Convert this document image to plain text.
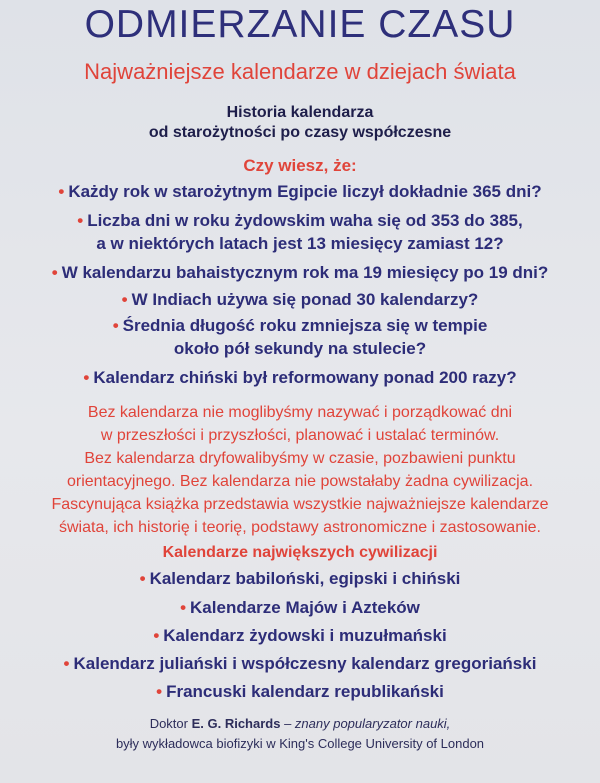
ODMIERZANIE CZASU
Najważniejsze kalendarze w dziejach świata
Historia kalendarza
od starożytności po czasy współczesne
Czy wiesz, że:
• Każdy rok w starożytnym Egipcie liczył dokładnie 365 dni?
• Liczba dni w roku żydowskim waha się od 353 do 385,
a w niektórych latach jest 13 miesięcy zamiast 12?
• W kalendarzu bahaistycznym rok ma 19 miesięcy po 19 dni?
• W Indiach używa się ponad 30 kalendarzy?
• Średnia długość roku zmniejsza się w tempie
około pół sekundy na stulecie?
• Kalendarz chiński był reformowany ponad 200 razy?
Bez kalendarza nie moglibyśmy nazywać i porządkować dni
w przeszłości i przyszłości, planować i ustalać terminów.
Bez kalendarza dryfowalibyśmy w czasie, pozbawieni punktu
orientacyjnego. Bez kalendarza nie powstałaby żadna cywilizacja.
Fascynująca książka przedstawia wszystkie najważniejsze kalendarze
świata, ich historię i teorię, podstawy astronomiczne i zastosowanie.
Kalendarze największych cywilizacji
• Kalendarz babiloński, egipski i chiński
• Kalendarze Majów i Azteków
• Kalendarz żydowski i muzułmański
• Kalendarz juliański i współczesny kalendarz gregoriański
• Francuski kalendarz republikański
Doktor E. G. Richards – znany popularyzator nauki,
były wykładowca biofizyki w King's College University of London
